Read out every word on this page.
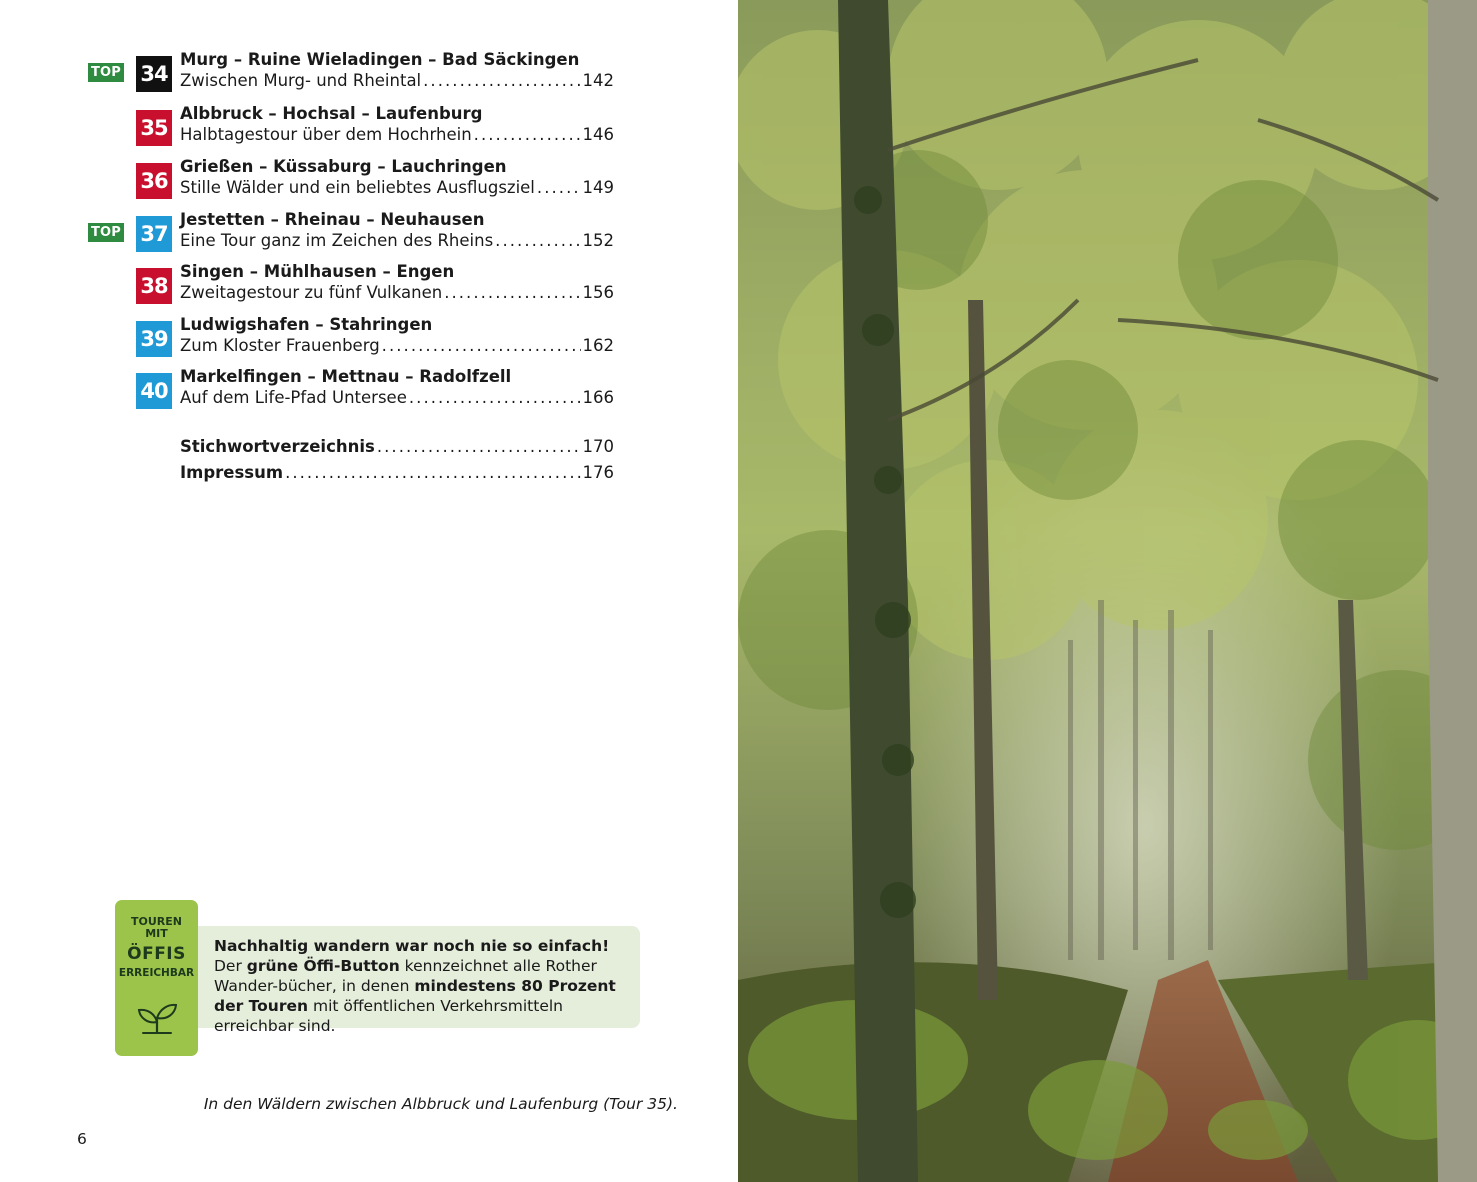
TOP 34
Murg – Ruine Wieladingen – Bad Säckingen
Zwischen Murg- und Rheintal . . .	142
35
Albbruck – Hochsal – Laufenburg
Halbtagestour über dem Hochrhein . . .	146
36
Grießen – Küssaburg – Lauchringen
Stille Wälder und ein beliebtes Ausflugsziel . . .	149
TOP 37
Jestetten – Rheinau – Neuhausen
Eine Tour ganz im Zeichen des Rheins . . .	152
38
Singen – Mühlhausen – Engen
Zweitagestour zu fünf Vulkanen . . .	156
39
Ludwigshafen – Stahringen
Zum Kloster Frauenberg . . .	162
40
Markelfingen – Mettnau – Radolfzell
Auf dem Life-Pfad Untersee . . .	166
Stichwortverzeichnis . . .	170
Impressum . . .	176
TOUREN
MIT
ÖFFIS
ERREICHBAR
Nachhaltig wandern war noch nie so einfach! Der grüne Öffi-Button kennzeichnet alle Rother Wander-bücher, in denen mindestens 80 Prozent der Touren mit öffentlichen Verkehrsmitteln erreichbar sind.
In den Wäldern zwischen Albbruck und Laufenburg (Tour 35).
6
